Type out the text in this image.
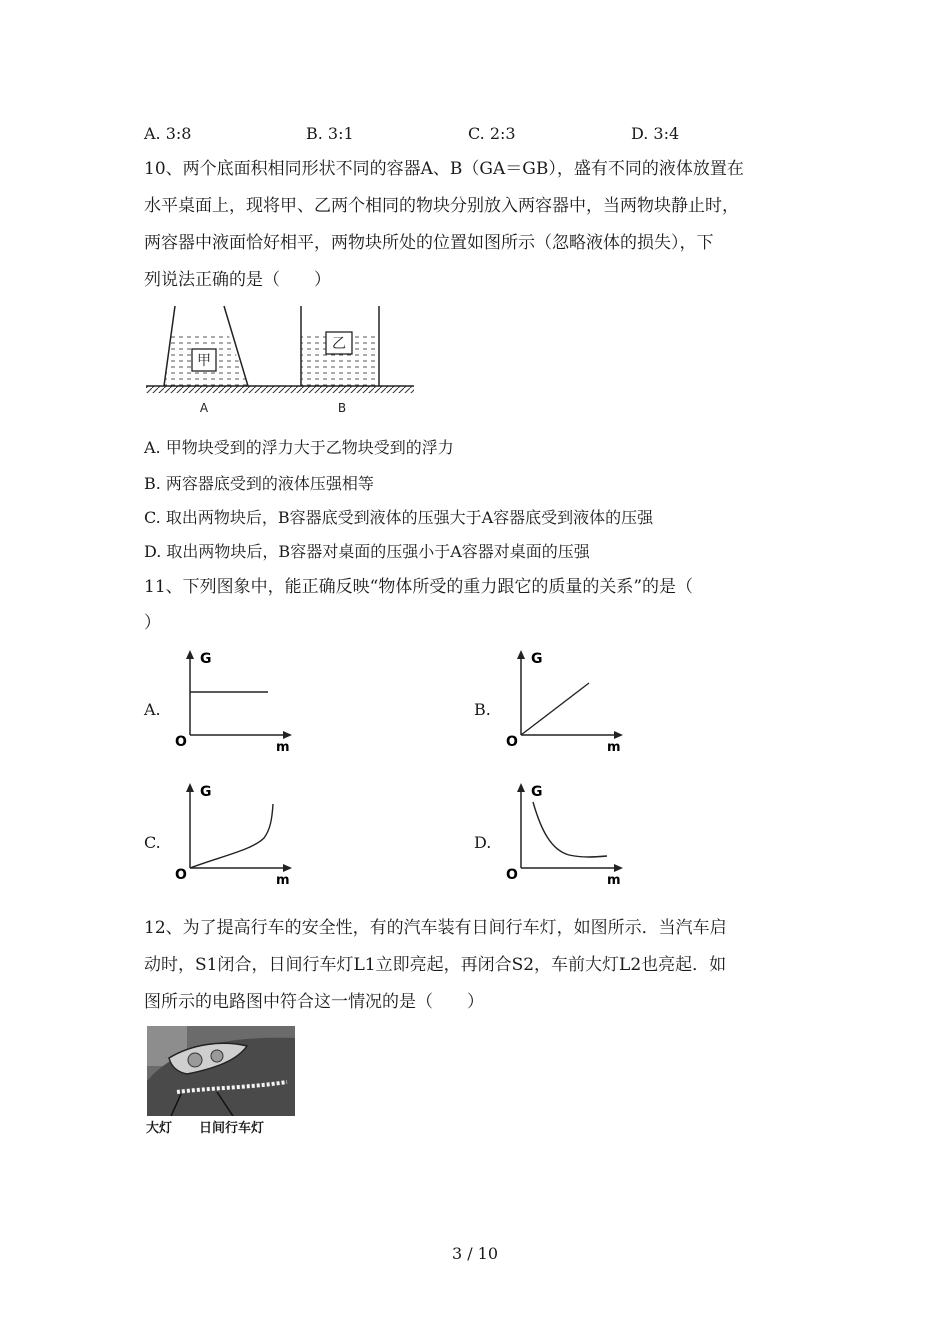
A. 3:8	B. 3:1	C. 2:3	D. 3:4
10、两个底面积相同形状不同的容器A、B（GA＝GB），盛有不同的液体放置在
水平桌面上，现将甲、乙两个相同的物块分别放入两容器中，当两物块静止时，
两容器中液面恰好相平，两物块所处的位置如图所示（忽略液体的损失），下
列说法正确的是（　　）
甲
乙
A	B
A. 甲物块受到的浮力大于乙物块受到的浮力
B. 两容器底受到的液体压强相等
C. 取出两物块后，B容器底受到液体的压强大于A容器底受到液体的压强
D. 取出两物块后，B容器对桌面的压强小于A容器对桌面的压强
11、下列图象中，能正确反映“物体所受的重力跟它的质量的关系”的是（
）
A.
G
O	m
B.
G
O	m
C.
G
O	m
D.
G
O	m
12、为了提高行车的安全性，有的汽车装有日间行车灯，如图所示．当汽车启
动时，S1闭合，日间行车灯L1立即亮起，再闭合S2，车前大灯L2也亮起．如
图所示的电路图中符合这一情况的是（　　）
大灯 日间行车灯
3 / 10
